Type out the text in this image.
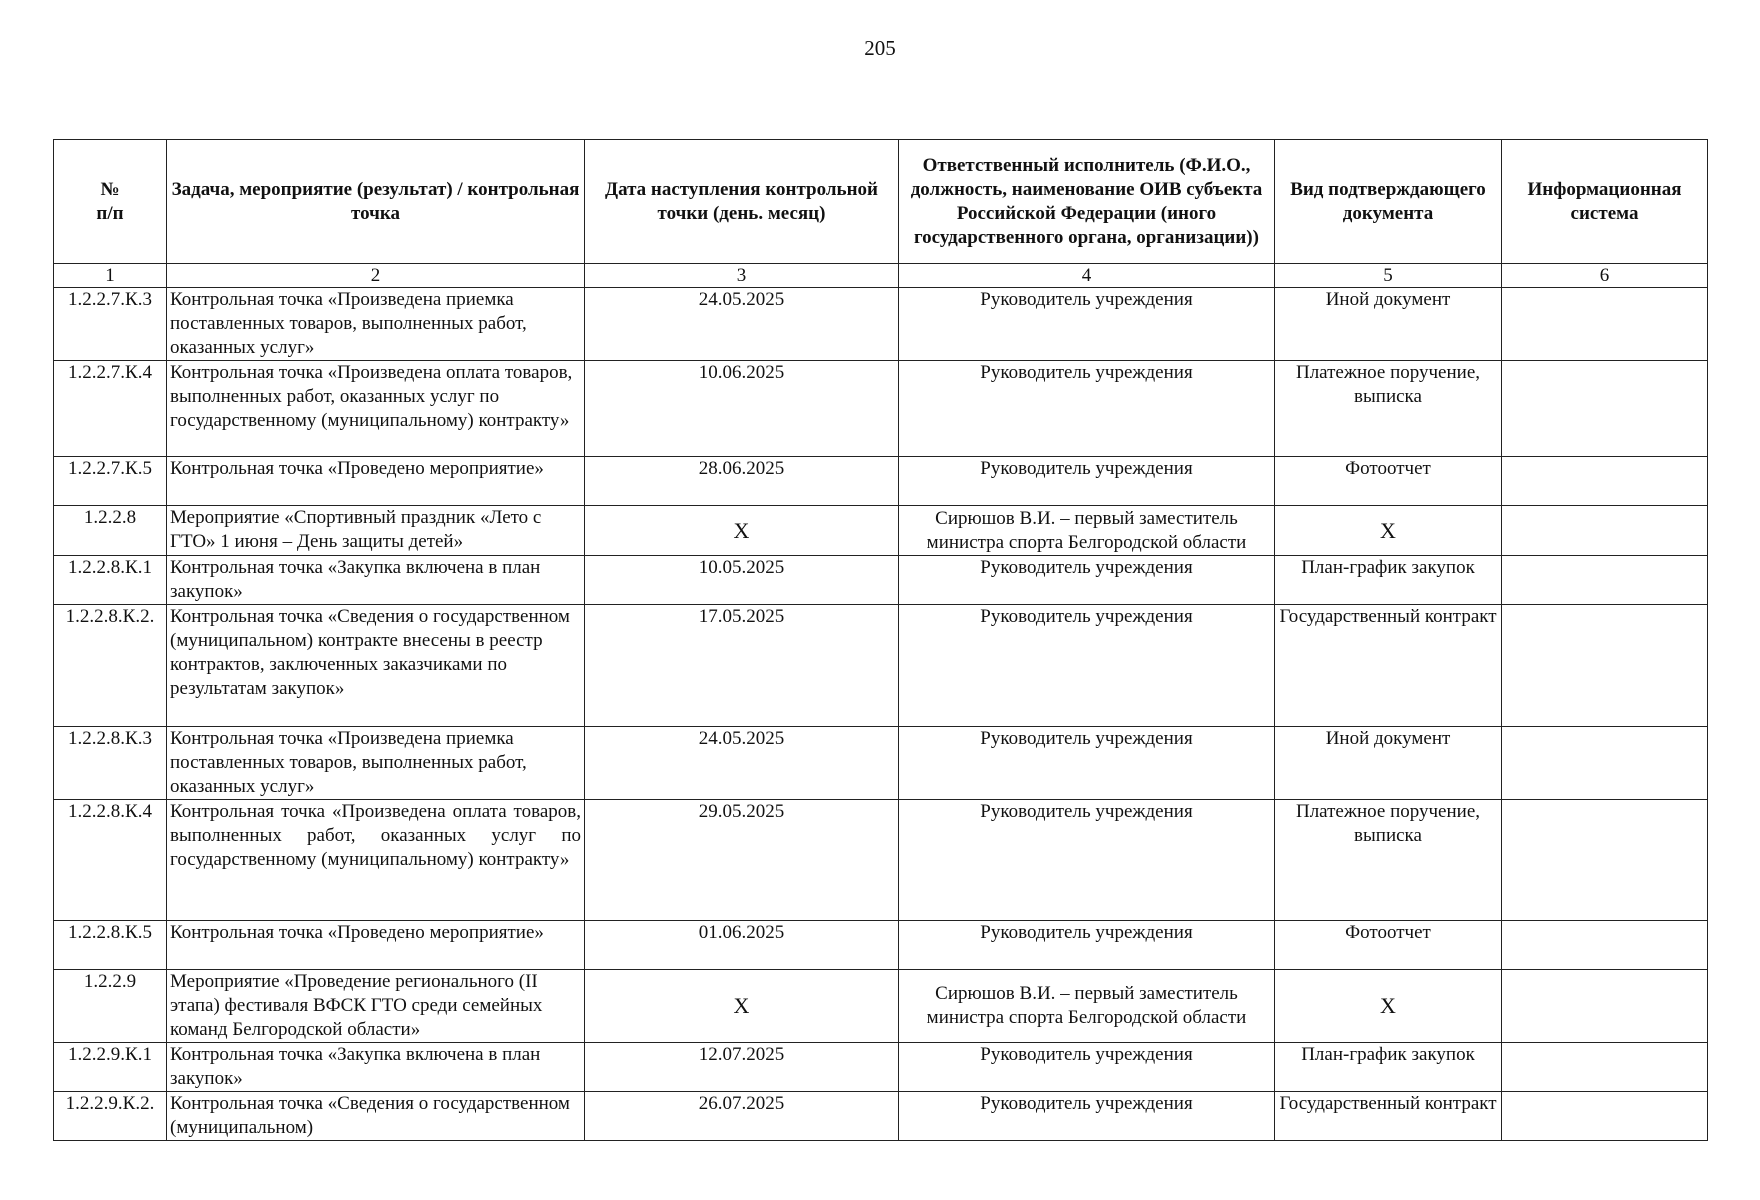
205
№
п/п	Задача, мероприятие (результат) / контрольная точка	Дата наступления контрольной точки (день. месяц)	Ответственный исполнитель (Ф.И.О., должность, наименование ОИВ субъекта Российской Федерации (иного государственного органа, организации))	Вид подтверждающего документа	Информационная система
1	2	3	4	5	6
1.2.2.7.К.3	Контрольная точка «Произведена приемка поставленных товаров, выполненных работ, оказанных услуг»	24.05.2025	Руководитель учреждения	Иной документ	
1.2.2.7.К.4	Контрольная точка «Произведена оплата товаров, выполненных работ, оказанных услуг по государственному (муниципальному) контракту»	10.06.2025	Руководитель учреждения	Платежное поручение, выписка	
1.2.2.7.К.5	Контрольная точка «Проведено мероприятие»	28.06.2025	Руководитель учреждения	Фотоотчет	
1.2.2.8	Мероприятие «Спортивный праздник «Лето с ГТО» 1 июня – День защиты детей»	Х	Сирюшов В.И. – первый заместитель министра спорта Белгородской области	Х	
1.2.2.8.К.1	Контрольная точка «Закупка включена в план закупок»	10.05.2025	Руководитель учреждения	План-график закупок	
1.2.2.8.К.2.	Контрольная точка «Сведения о государственном (муниципальном) контракте внесены в реестр контрактов, заключенных заказчиками по результатам закупок»	17.05.2025	Руководитель учреждения	Государственный контракт	
1.2.2.8.К.3	Контрольная точка «Произведена приемка поставленных товаров, выполненных работ, оказанных услуг»	24.05.2025	Руководитель учреждения	Иной документ	
1.2.2.8.К.4	Контрольная точка «Произведена оплата товаров, выполненных работ, оказанных услуг по государственному (муниципальному) контракту»	29.05.2025	Руководитель учреждения	Платежное поручение, выписка	
1.2.2.8.К.5	Контрольная точка «Проведено мероприятие»	01.06.2025	Руководитель учреждения	Фотоотчет	
1.2.2.9	Мероприятие «Проведение регионального (II этапа) фестиваля ВФСК ГТО среди семейных команд Белгородской области»	Х	Сирюшов В.И. – первый заместитель министра спорта Белгородской области	Х	
1.2.2.9.К.1	Контрольная точка «Закупка включена в план закупок»	12.07.2025	Руководитель учреждения	План-график закупок	
1.2.2.9.К.2.	Контрольная точка «Сведения о государственном (муниципальном)	26.07.2025	Руководитель учреждения	Государственный контракт	
